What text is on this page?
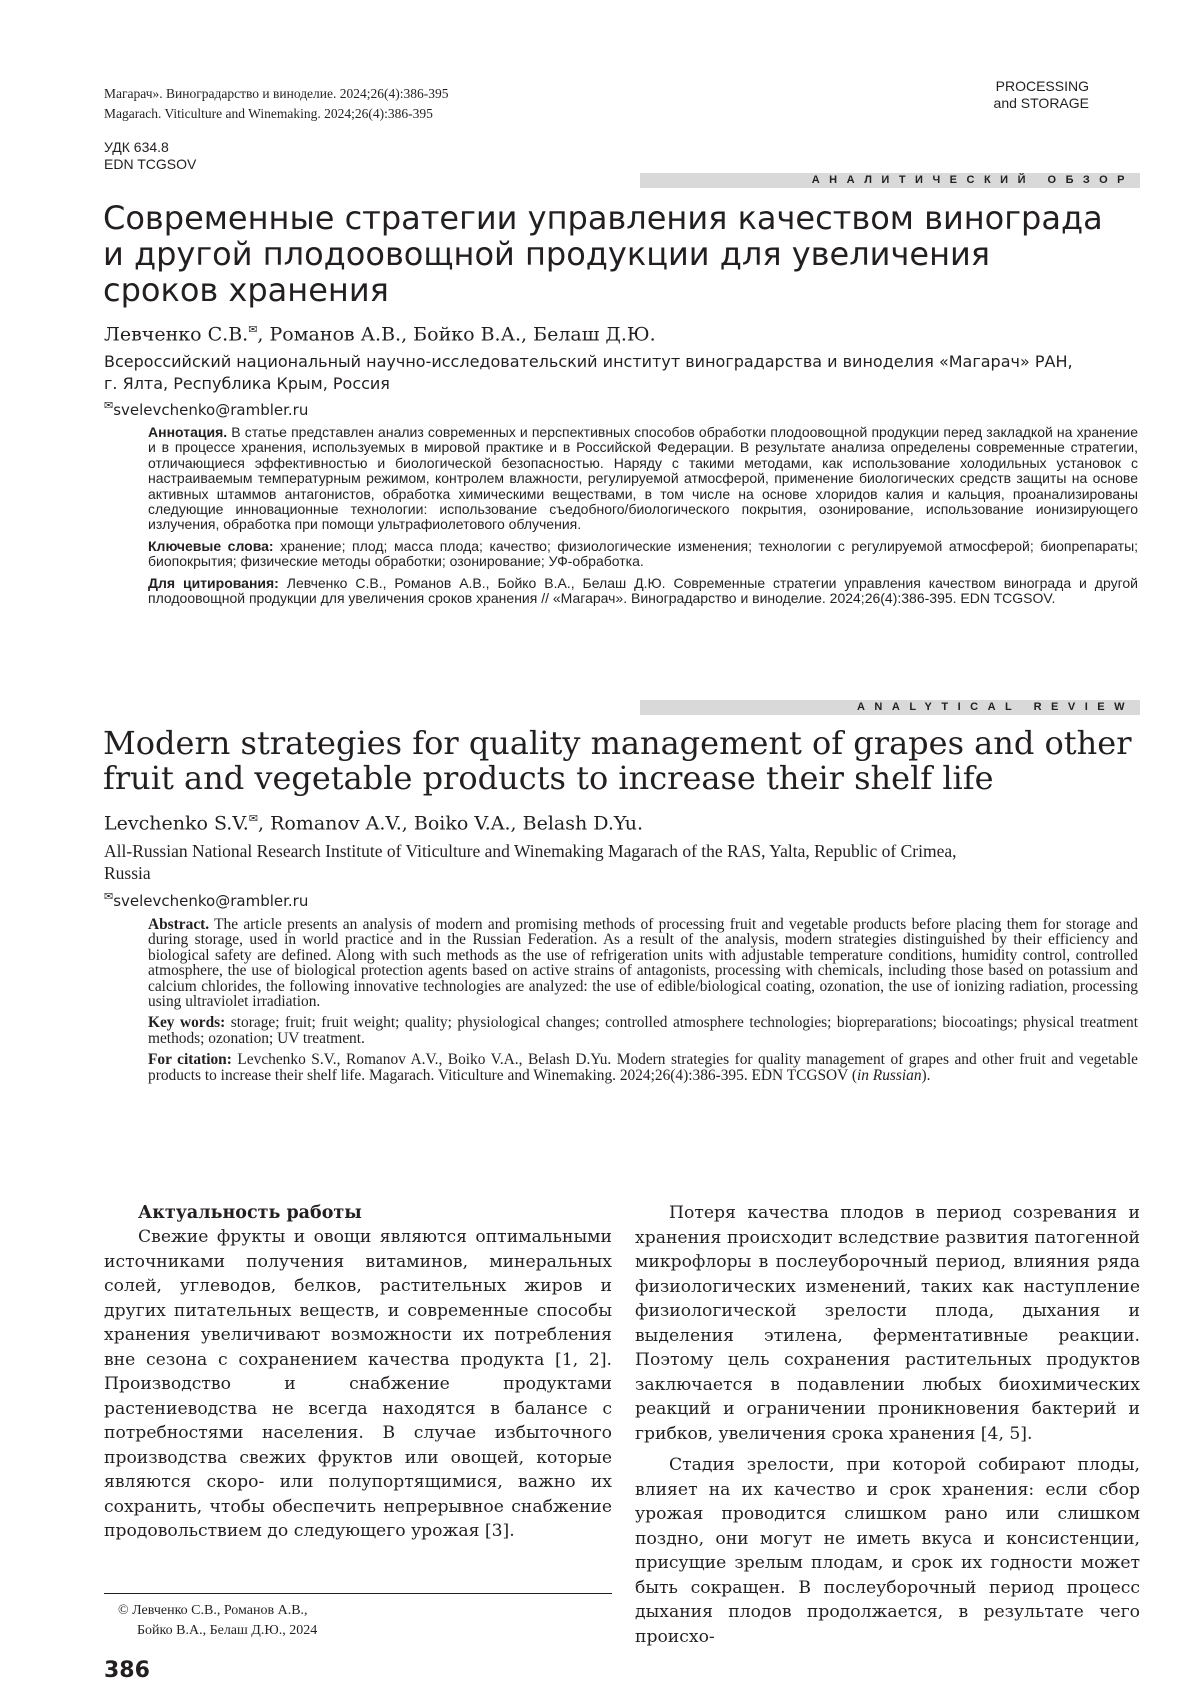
Магарач». Виноградарство и виноделие. 2024;26(4):386-395
Magarach. Viticulture and Winemaking. 2024;26(4):386-395
PROCESSING
and STORAGE
УДК 634.8
EDN TCGSOV
АНАЛИТИЧЕСКИЙ ОБЗОР
Современные стратегии управления качеством винограда
и другой плодоовощной продукции для увеличения
сроков хранения
Левченко С.В.✉, Романов А.В., Бойко В.А., Белаш Д.Ю.
Всероссийский национальный научно-исследовательский институт виноградарства и виноделия «Магарач» РАН,
г. Ялта, Республика Крым, Россия
✉svelevchenko@rambler.ru

Аннотация. В статье представлен анализ современных и перспективных способов обработки плодоовощной продукции перед закладкой на хранение и в процессе хранения, используемых в мировой практике и в Российской Федерации. В результате анализа определены современные стратегии, отличающиеся эффективностью и биологической безопасностью. Наряду с такими методами, как использование холодильных установок с настраиваемым температурным режимом, контролем влажности, регулируемой атмосферой, применение биологических средств защиты на основе активных штаммов антагонистов, обработка химическими веществами, в том числе на основе хлоридов калия и кальция, проанализированы следующие инновационные технологии: использование съедобного/биологического покрытия, озонирование, использование ионизирующего излучения, обработка при помощи ультрафиолетового облучения.

Ключевые слова: хранение; плод; масса плода; качество; физиологические изменения; технологии с регулируемой атмосферой; биопрепараты; биопокрытия; физические методы обработки; озонирование; УФ-обработка.

Для цитирования: Левченко С.В., Романов А.В., Бойко В.А., Белаш Д.Ю. Современные стратегии управления качеством винограда и другой плодоовощной продукции для увеличения сроков хранения // «Магарач». Виноградарство и виноделие. 2024;26(4):386-395. EDN TCGSOV.

ANALYTICAL REVIEW
Modern strategies for quality management of grapes and other
fruit and vegetable products to increase their shelf life
Levchenko S.V.✉, Romanov A.V., Boiko V.A., Belash D.Yu.
All-Russian National Research Institute of Viticulture and Winemaking Magarach of the RAS, Yalta, Republic of Crimea,
Russia
✉svelevchenko@rambler.ru

Abstract. The article presents an analysis of modern and promising methods of processing fruit and vegetable products before placing them for storage and during storage, used in world practice and in the Russian Federation. As a result of the analysis, modern strategies distinguished by their efficiency and biological safety are defined. Along with such methods as the use of refrigeration units with adjustable temperature conditions, humidity control, controlled atmosphere, the use of biological protection agents based on active strains of antagonists, processing with chemicals, including those based on potassium and calcium chlorides, the following innovative technologies are analyzed: the use of edible/biological coating, ozonation, the use of ionizing radiation, processing using ultraviolet irradiation.

Key words: storage; fruit; fruit weight; quality; physiological changes; controlled atmosphere technologies; biopreparations; biocoatings; physical treatment methods; ozonation; UV treatment.

For citation: Levchenko S.V., Romanov A.V., Boiko V.A., Belash D.Yu. Modern strategies for quality management of grapes and other fruit and vegetable products to increase their shelf life. Magarach. Viticulture and Winemaking. 2024;26(4):386-395. EDN TCGSOV (in Russian).

Актуальность работы

Свежие фрукты и овощи являются оптимальными источниками получения витаминов, минеральных солей, углеводов, белков, растительных жиров и других питательных веществ, и современные способы хранения увеличивают возможности их потребления вне сезона с сохранением качества продукта [1, 2]. Производство и снабжение продуктами растениеводства не всегда находятся в балансе с потребностями населения. В случае избыточного производства свежих фруктов или овощей, которые являются скоро- или полупортящимися, важно их сохранить, чтобы обеспечить непрерывное снабжение продовольствием до следующего урожая [3].

Потеря качества плодов в период созревания и хранения происходит вследствие развития патогенной микрофлоры в послеуборочный период, влияния ряда физиологических изменений, таких как наступление физиологической зрелости плода, дыхания и выделения этилена, ферментативные реакции. Поэтому цель сохранения растительных продуктов заключается в подавлении любых биохимических реакций и ограничении проникновения бактерий и грибков, увеличения срока хранения [4, 5].

Стадия зрелости, при которой собирают плоды, влияет на их качество и срок хранения: если сбор урожая проводится слишком рано или слишком поздно, они могут не иметь вкуса и консистенции, присущие зрелым плодам, и срок их годности может быть сокращен. В послеуборочный период процесс дыхания плодов продолжается, в результате чего происхо-

© Левченко С.В., Романов А.В.,
Бойко В.А., Белаш Д.Ю., 2024
386
